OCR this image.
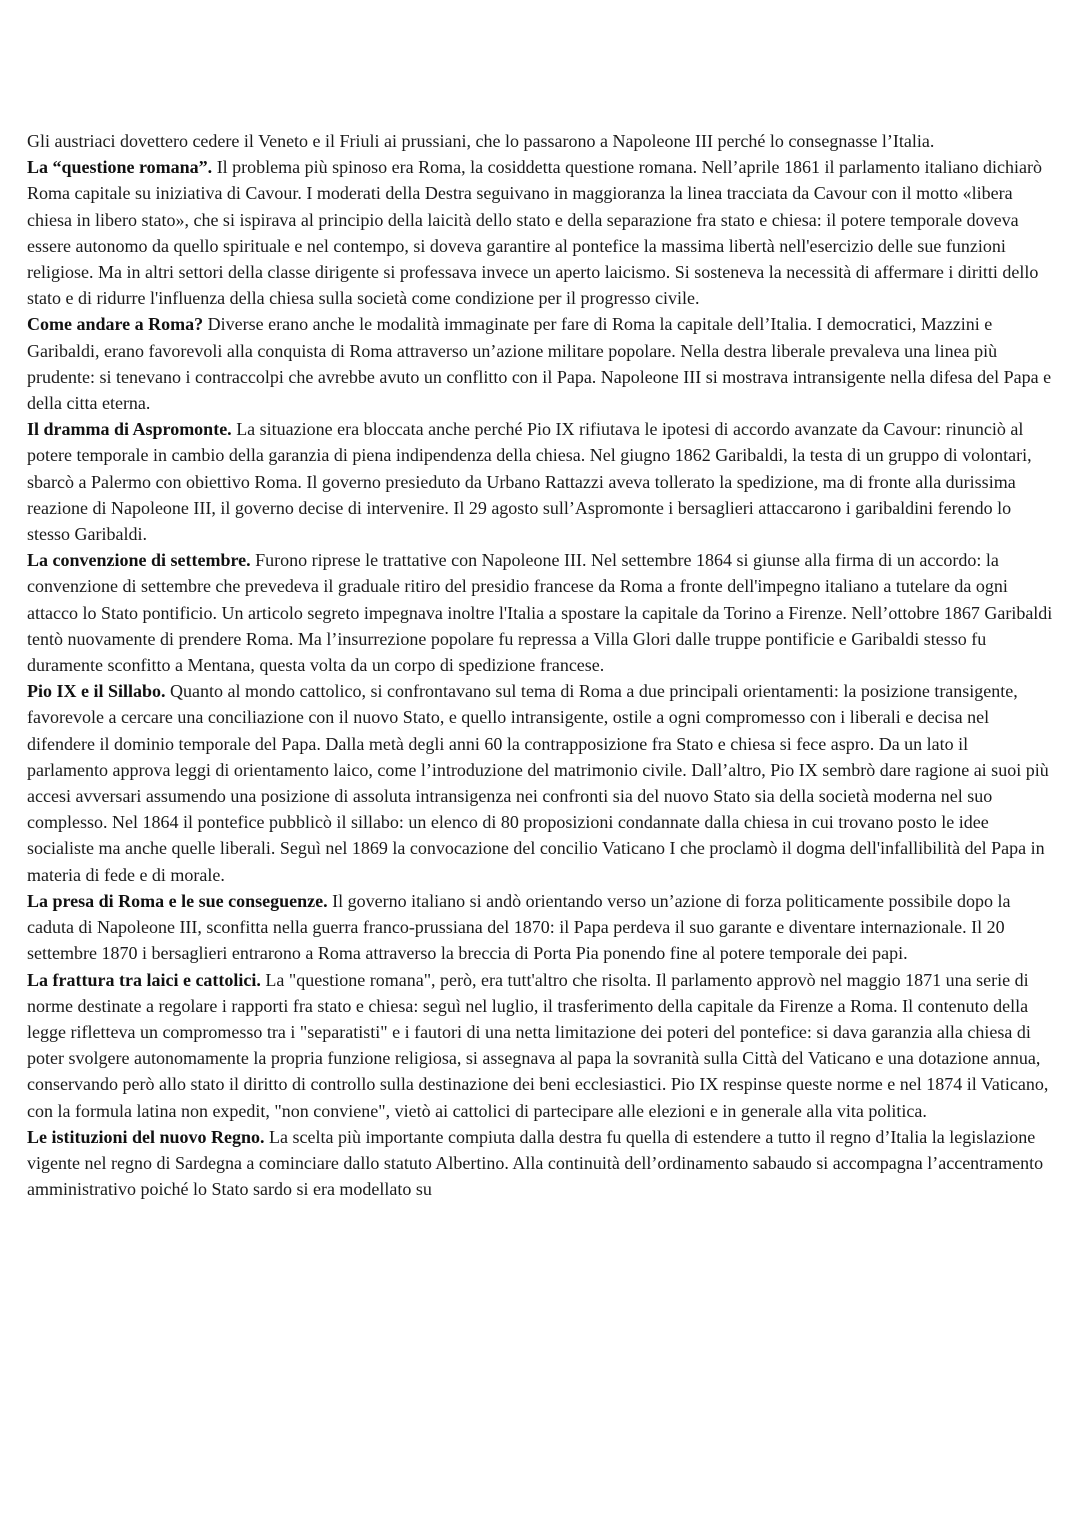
Gli austriaci dovettero cedere il Veneto e il Friuli ai prussiani, che lo passarono a Napoleone III perché lo consegnasse l’Italia.

La “questione romana”. Il problema più spinoso era Roma, la cosiddetta questione romana. Nell’aprile 1861 il parlamento italiano dichiarò Roma capitale su iniziativa di Cavour. I moderati della Destra seguivano in maggioranza la linea tracciata da Cavour con il motto «libera chiesa in libero stato», che si ispirava al principio della laicità dello stato e della separazione fra stato e chiesa: il potere temporale doveva essere autonomo da quello spirituale e nel contempo, si doveva garantire al pontefice la massima libertà nell'esercizio delle sue funzioni religiose. Ma in altri settori della classe dirigente si professava invece un aperto laicismo. Si sosteneva la necessità di affermare i diritti dello stato e di ridurre l'influenza della chiesa sulla società come condizione per il progresso civile.

Come andare a Roma? Diverse erano anche le modalità immaginate per fare di Roma la capitale dell’Italia. I democratici, Mazzini e Garibaldi, erano favorevoli alla conquista di Roma attraverso un’azione militare popolare. Nella destra liberale prevaleva una linea più prudente: si tenevano i contraccolpi che avrebbe avuto un conflitto con il Papa. Napoleone III si mostrava intransigente nella difesa del Papa e della citta eterna.

Il dramma di Aspromonte. La situazione era bloccata anche perché Pio IX rifiutava le ipotesi di accordo avanzate da Cavour: rinunciò al potere temporale in cambio della garanzia di piena indipendenza della chiesa. Nel giugno 1862 Garibaldi, la testa di un gruppo di volontari, sbarcò a Palermo con obiettivo Roma. Il governo presieduto da Urbano Rattazzi aveva tollerato la spedizione, ma di fronte alla durissima reazione di Napoleone III, il governo decise di intervenire. Il 29 agosto sull’Aspromonte i bersaglieri attaccarono i garibaldini ferendo lo stesso Garibaldi.

La convenzione di settembre. Furono riprese le trattative con Napoleone III. Nel settembre 1864 si giunse alla firma di un accordo: la convenzione di settembre che prevedeva il graduale ritiro del presidio francese da Roma a fronte dell'impegno italiano a tutelare da ogni attacco lo Stato pontificio. Un articolo segreto impegnava inoltre l'Italia a spostare la capitale da Torino a Firenze. Nell’ottobre 1867 Garibaldi tentò nuovamente di prendere Roma. Ma l’insurrezione popolare fu repressa a Villa Glori dalle truppe pontificie e Garibaldi stesso fu duramente sconfitto a Mentana, questa volta da un corpo di spedizione francese.

Pio IX e il Sillabo. Quanto al mondo cattolico, si confrontavano sul tema di Roma a due principali orientamenti: la posizione transigente, favorevole a cercare una conciliazione con il nuovo Stato, e quello intransigente, ostile a ogni compromesso con i liberali e decisa nel difendere il dominio temporale del Papa. Dalla metà degli anni 60 la contrapposizione fra Stato e chiesa si fece aspro. Da un lato il parlamento approva leggi di orientamento laico, come l’introduzione del matrimonio civile. Dall’altro, Pio IX sembrò dare ragione ai suoi più accesi avversari assumendo una posizione di assoluta intransigenza nei confronti sia del nuovo Stato sia della società moderna nel suo complesso. Nel 1864 il pontefice pubblicò il sillabo: un elenco di 80 proposizioni condannate dalla chiesa in cui trovano posto le idee socialiste ma anche quelle liberali. Seguì nel 1869 la convocazione del concilio Vaticano I che proclamò il dogma dell'infallibilità del Papa in materia di fede e di morale.

La presa di Roma e le sue conseguenze. Il governo italiano si andò orientando verso un’azione di forza politicamente possibile dopo la caduta di Napoleone III, sconfitta nella guerra franco-prussiana del 1870: il Papa perdeva il suo garante e diventare internazionale. Il 20 settembre 1870 i bersaglieri entrarono a Roma attraverso la breccia di Porta Pia ponendo fine al potere temporale dei papi.

La frattura tra laici e cattolici. La "questione romana", però, era tutt'altro che risolta. Il parlamento approvò nel maggio 1871 una serie di norme destinate a regolare i rapporti fra stato e chiesa: seguì nel luglio, il trasferimento della capitale da Firenze a Roma. Il contenuto della legge rifletteva un compromesso tra i "separatisti" e i fautori di una netta limitazione dei poteri del pontefice: si dava garanzia alla chiesa di poter svolgere autonomamente la propria funzione religiosa, si assegnava al papa la sovranità sulla Città del Vaticano e una dotazione annua, conservando però allo stato il diritto di controllo sulla destinazione dei beni ecclesiastici. Pio IX respinse queste norme e nel 1874 il Vaticano, con la formula latina non expedit, "non conviene", vietò ai cattolici di partecipare alle elezioni e in generale alla vita politica.

Le istituzioni del nuovo Regno. La scelta più importante compiuta dalla destra fu quella di estendere a tutto il regno d’Italia la legislazione vigente nel regno di Sardegna a cominciare dallo statuto Albertino. Alla continuità dell’ordinamento sabaudo si accompagna l’accentramento amministrativo poiché lo Stato sardo si era modellato su
